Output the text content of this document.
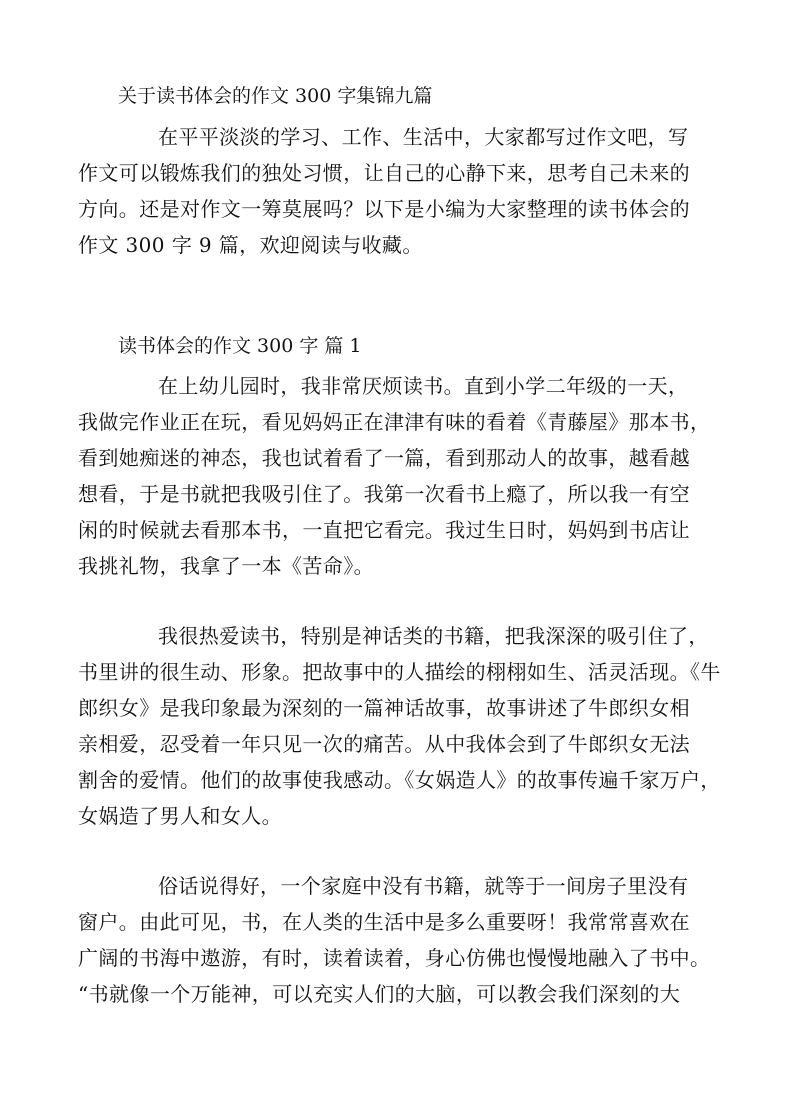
关于读书体会的作文 300 字集锦九篇
在平平淡淡的学习、工作、生活中，大家都写过作文吧，写
作文可以锻炼我们的独处习惯，让自己的心静下来，思考自己未来的
方向。还是对作文一筹莫展吗？以下是小编为大家整理的读书体会的
作文 300 字 9 篇，欢迎阅读与收藏。
读书体会的作文 300 字 篇 1
在上幼儿园时，我非常厌烦读书。直到小学二年级的一天，
我做完作业正在玩，看见妈妈正在津津有味的看着《青藤屋》那本书，
看到她痴迷的神态，我也试着看了一篇，看到那动人的故事，越看越
想看，于是书就把我吸引住了。我第一次看书上瘾了，所以我一有空
闲的时候就去看那本书，一直把它看完。我过生日时，妈妈到书店让
我挑礼物，我拿了一本《苦命》。
我很热爱读书，特别是神话类的书籍，把我深深的吸引住了，
书里讲的很生动、形象。把故事中的人描绘的栩栩如生、活灵活现。《牛
郎织女》是我印象最为深刻的一篇神话故事，故事讲述了牛郎织女相
亲相爱，忍受着一年只见一次的痛苦。从中我体会到了牛郎织女无法
割舍的爱情。他们的故事使我感动。《女娲造人》的故事传遍千家万户，
女娲造了男人和女人。
俗话说得好，一个家庭中没有书籍，就等于一间房子里没有
窗户。由此可见，书，在人类的生活中是多么重要呀！我常常喜欢在
广阔的书海中遨游，有时，读着读着，身心仿佛也慢慢地融入了书中。
“书就像一个万能神，可以充实人们的大脑，可以教会我们深刻的大
